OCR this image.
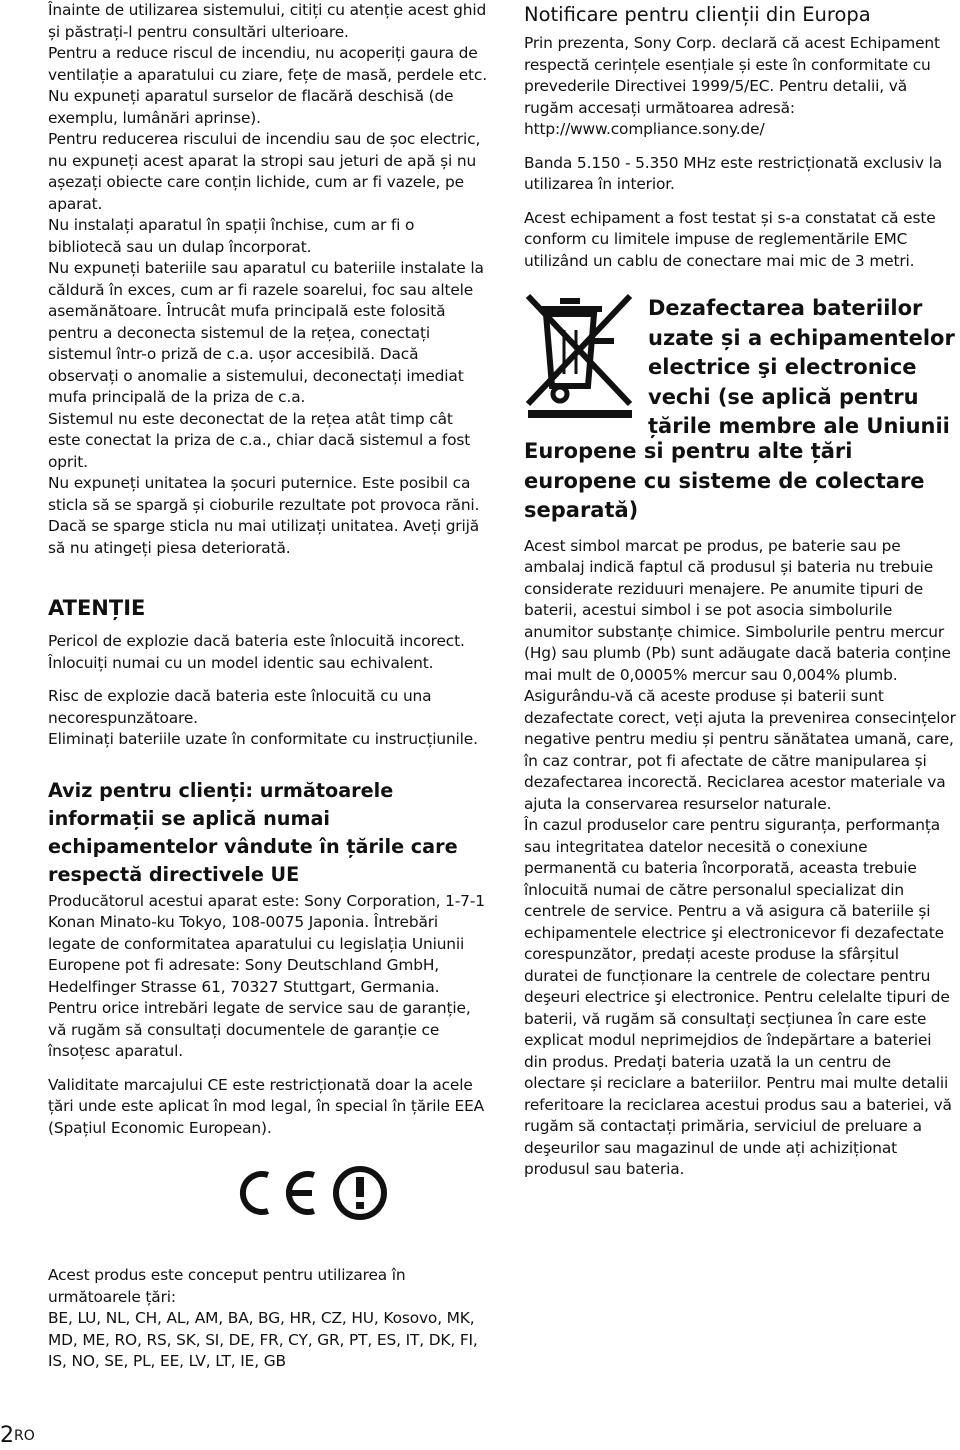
Înainte de utilizarea sistemului, citiți cu atenție acest ghid și păstrați-l pentru consultări ulterioare.

Pentru a reduce riscul de incendiu, nu acoperiți gaura de ventilație a aparatului cu ziare, fețe de masă, perdele etc. Nu expuneți aparatul surselor de flacără deschisă (de exemplu, lumânări aprinse).

Pentru reducerea riscului de incendiu sau de șoc electric, nu expuneți acest aparat la stropi sau jeturi de apă și nu așezați obiecte care conțin lichide, cum ar fi vazele, pe aparat.

Nu instalați aparatul în spații închise, cum ar fi o bibliotecă sau un dulap încorporat.

Nu expuneți bateriile sau aparatul cu bateriile instalate la căldură în exces, cum ar fi razele soarelui, foc sau altele asemănătoare. Întrucât mufa principală este folosită pentru a deconecta sistemul de la rețea, conectați sistemul într-o priză de c.a. ușor accesibilă. Dacă observați o anomalie a sistemului, deconectați imediat mufa principală de la priza de c.a.

Sistemul nu este deconectat de la rețea atât timp cât este conectat la priza de c.a., chiar dacă sistemul a fost oprit.

Nu expuneți unitatea la șocuri puternice. Este posibil ca sticla să se spargă și cioburile rezultate pot provoca răni. Dacă se sparge sticla nu mai utilizați unitatea. Aveți grijă să nu atingeți piesa deteriorată.

ATENȚIE

Pericol de explozie dacă bateria este înlocuită incorect. Înlocuiți numai cu un model identic sau echivalent.

Risc de explozie dacă bateria este înlocuită cu una necorespunzătoare.

Eliminați bateriile uzate în conformitate cu instrucțiunile.

Aviz pentru clienți: următoarele informații se aplică numai echipamentelor vândute în țările care respectă directivele UE

Producătorul acestui aparat este: Sony Corporation, 1-7-1 Konan Minato-ku Tokyo, 108-0075 Japonia. Întrebări legate de conformitatea aparatului cu legislația Uniunii Europene pot fi adresate: Sony Deutschland GmbH, Hedelfinger Strasse 61, 70327 Stuttgart, Germania. Pentru orice intrebări legate de service sau de garanție, vă rugăm să consultați documentele de garanție ce însoțesc aparatul.

Validitate marcajului CE este restricționată doar la acele țări unde este aplicat în mod legal, în special în țările EEA (Spațiul Economic European).

Acest produs este conceput pentru utilizarea în următoarele țări:

BE, LU, NL, CH, AL, AM, BA, BG, HR, CZ, HU, Kosovo, MK, MD, ME, RO, RS, SK, SI, DE, FR, CY, GR, PT, ES, IT, DK, FI, IS, NO, SE, PL, EE, LV, LT, IE, GB

Notificare pentru clienții din Europa

Prin prezenta, Sony Corp. declară că acest Echipament respectă cerințele esențiale și este în conformitate cu prevederile Directivei 1999/5/EC. Pentru detalii, vă rugăm accesați următoarea adresă:

http://www.compliance.sony.de/

Banda 5.150 - 5.350 MHz este restricționată exclusiv la utilizarea în interior.

Acest echipament a fost testat și s-a constatat că este conform cu limitele impuse de reglementările EMC utilizând un cablu de conectare mai mic de 3 metri.

Dezafectarea bateriilor uzate și a echipamentelor electrice şi electronice vechi (se aplică pentru țările membre ale Uniunii
Europene si pentru alte țări europene cu sisteme de colectare separată)

Acest simbol marcat pe produs, pe baterie sau pe ambalaj indică faptul că produsul și bateria nu trebuie considerate reziduuri menajere. Pe anumite tipuri de baterii, acestui simbol i se pot asocia simbolurile anumitor substanțe chimice. Simbolurile pentru mercur (Hg) sau plumb (Pb) sunt adăugate dacă bateria conține mai mult de 0,0005% mercur sau 0,004% plumb. Asigurându-vă că aceste produse și baterii sunt dezafectate corect, veți ajuta la prevenirea consecințelor negative pentru mediu și pentru sănătatea umană, care, în caz contrar, pot fi afectate de către manipularea și dezafectarea incorectă. Reciclarea acestor materiale va ajuta la conservarea resurselor naturale.

În cazul produselor care pentru siguranța, performanța sau integritatea datelor necesită o conexiune permanentă cu bateria încorporată, aceasta trebuie înlocuită numai de către personalul specializat din centrele de service. Pentru a vă asigura că bateriile și echipamentele electrice şi electronicevor fi dezafectate corespunzător, predați aceste produse la sfârșitul duratei de funcționare la centrele de colectare pentru deşeuri electrice şi electronice. Pentru celelalte tipuri de baterii, vă rugăm să consultați secțiunea în care este explicat modul neprimejdios de îndepărtare a bateriei din produs. Predați bateria uzată la un centru de olectare și reciclare a bateriilor. Pentru mai multe detalii referitoare la reciclarea acestui produs sau a bateriei, vă rugăm să contactați primăria, serviciul de preluare a deşeurilor sau magazinul de unde ați achiziționat produsul sau bateria.

$2^{RO}$
